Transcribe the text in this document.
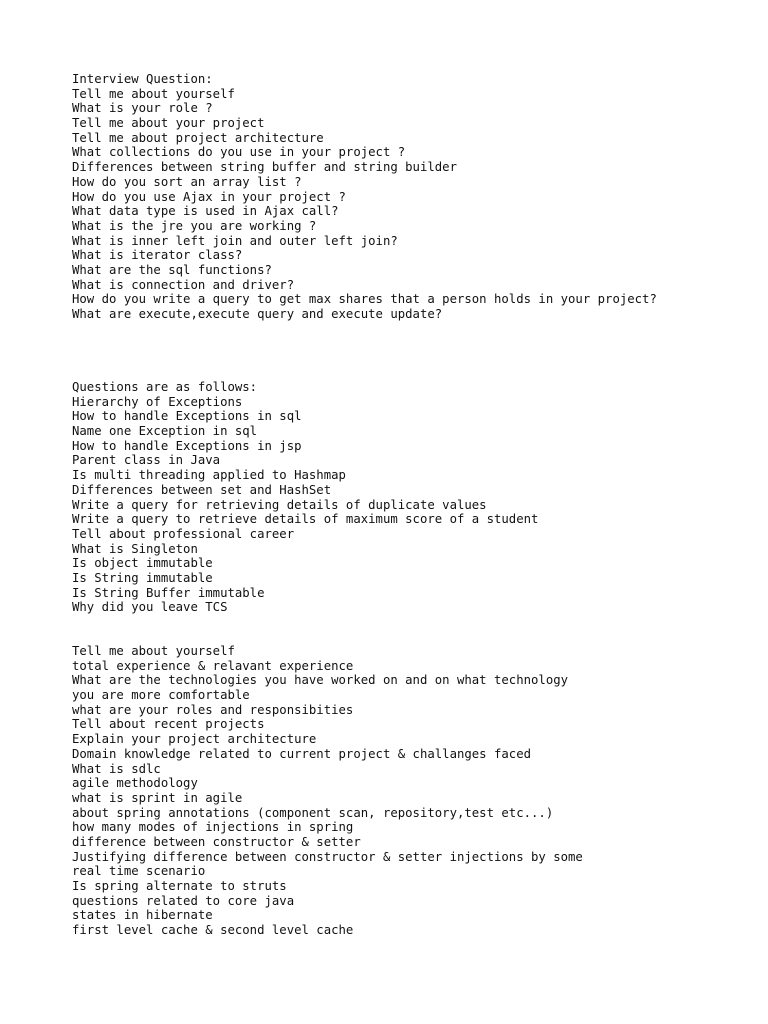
Interview Question:
Tell me about yourself
What is your role ?
Tell me about your project
Tell me about project architecture
What collections do you use in your project ?
Differences between string buffer and string builder
How do you sort an array list ?
How do you use Ajax in your project ?
What data type is used in Ajax call?
What is the jre you are working ?
What is inner left join and outer left join?
What is iterator class?
What are the sql functions?
What is connection and driver?
How do you write a query to get max shares that a person holds in your project?
What are execute,execute query and execute update?
Questions are as follows:
Hierarchy of Exceptions
How to handle Exceptions in sql
Name one Exception in sql
How to handle Exceptions in jsp
Parent class in Java
Is multi threading applied to Hashmap
Differences between set and HashSet
Write a query for retrieving details of duplicate values
Write a query to retrieve details of maximum score of a student
Tell about professional career
What is Singleton
Is object immutable
Is String immutable
Is String Buffer immutable
Why did you leave TCS
Tell me about yourself
total experience & relavant experience
What are the technologies you have worked on and on what technology
you are more comfortable
what are your roles and responsibities
Tell about recent projects
Explain your project architecture
Domain knowledge related to current project & challanges faced
What is sdlc
agile methodology
what is sprint in agile
about spring annotations (component scan, repository,test etc...)
how many modes of injections in spring
difference between constructor & setter
Justifying difference between constructor & setter injections by some
real time scenario
Is spring alternate to struts
questions related to core java
states in hibernate
first level cache & second level cache
